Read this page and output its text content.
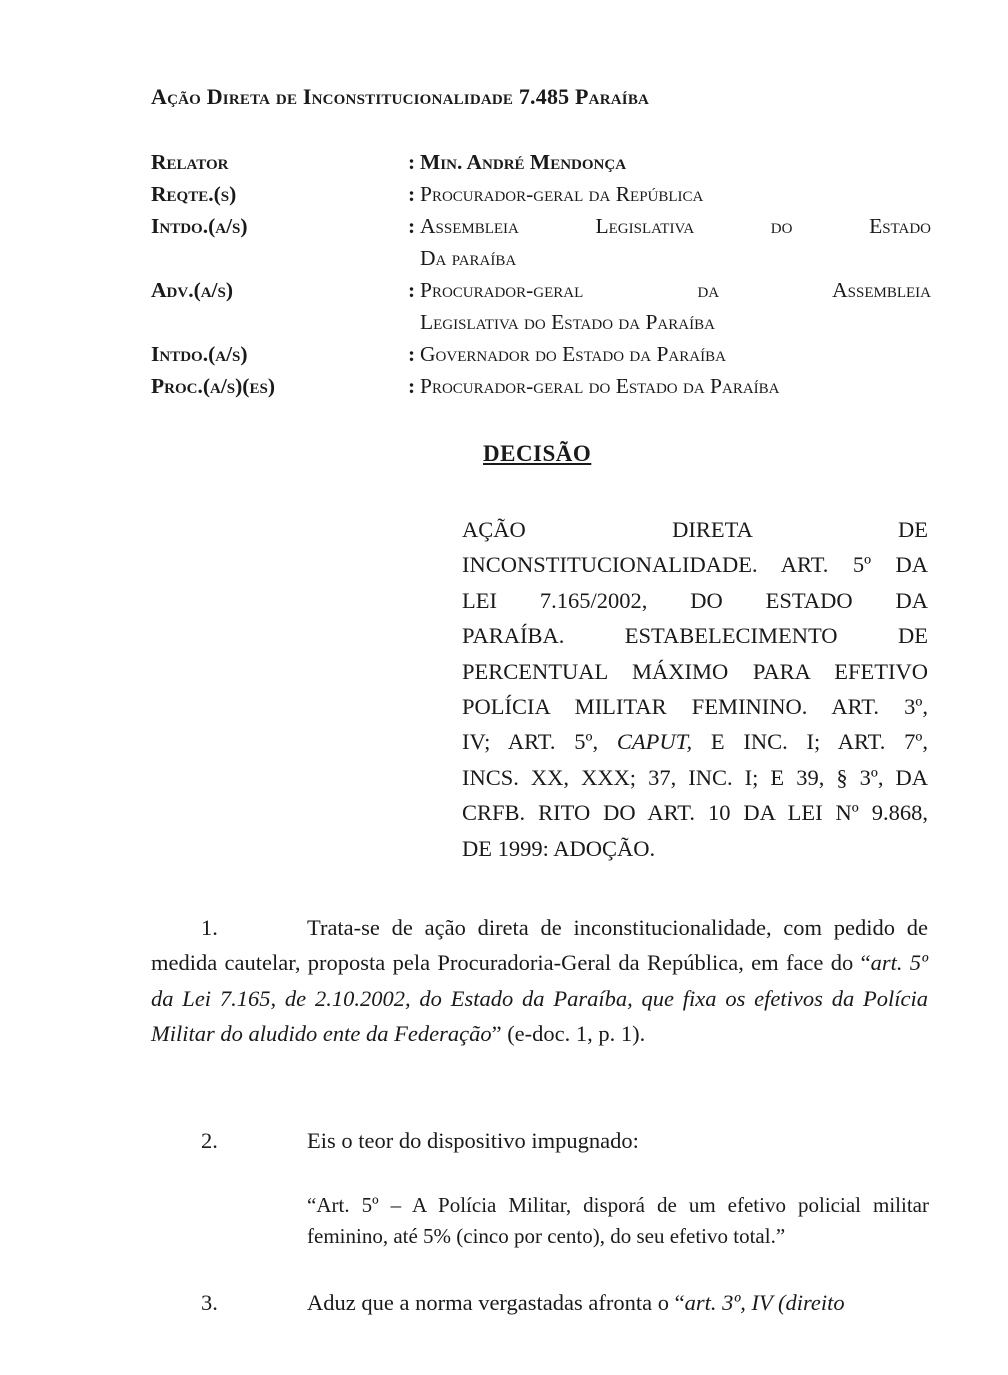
Ação Direta de Inconstitucionalidade 7.485 Paraíba
Relator	: Min. André Mendonça
Reqte.(s)	: Procurador-geral da República
Intdo.(a/s)	: Assembleia Legislativa do Estado
Da paraíba
Adv.(a/s)	: Procurador-geral da Assembleia
Legislativa do Estado da Paraíba
Intdo.(a/s)	: Governador do Estado da Paraíba
Proc.(a/s)(es)	: Procurador-geral do Estado da Paraíba
DECISÃO
AÇÃO DIRETA DE
INCONSTITUCIONALIDADE. ART. 5º DA
LEI 7.165/2002, DO ESTADO DA
PARAÍBA. ESTABELECIMENTO DE
PERCENTUAL MÁXIMO PARA EFETIVO
POLÍCIA MILITAR FEMININO. ART. 3º,
IV; ART. 5º, CAPUT, E INC. I; ART. 7º,
INCS. XX, XXX; 37, INC. I; E 39, § 3º, DA
CRFB. RITO DO ART. 10 DA LEI Nº 9.868,
DE 1999: ADOÇÃO.
1.	Trata-se de ação direta de inconstitucionalidade, com pedido de medida cautelar, proposta pela Procuradoria-Geral da República, em face do “art. 5º da Lei 7.165, de 2.10.2002, do Estado da Paraíba, que fixa os efetivos da Polícia Militar do aludido ente da Federação” (e-doc. 1, p. 1).
2.	Eis o teor do dispositivo impugnado:
“Art. 5º – A Polícia Militar, disporá de um efetivo policial militar feminino, até 5% (cinco por cento), do seu efetivo total.”
3.	Aduz que a norma vergastadas afronta o “art. 3º, IV (direito
